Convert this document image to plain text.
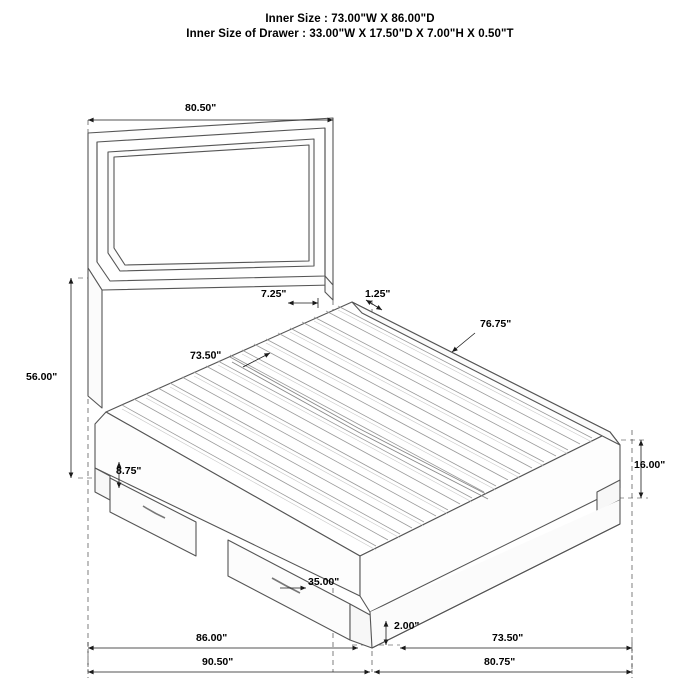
Inner Size : 73.00"W X 86.00"D
Inner Size of Drawer : 33.00"W X 17.50"D X 7.00"H X 0.50"T
80.50"
56.00"
7.25"	1.25"
73.50"
76.75"
8.75"	16.00"
35.00"
2.00"
86.00"	73.50"
90.50"	80.75"
